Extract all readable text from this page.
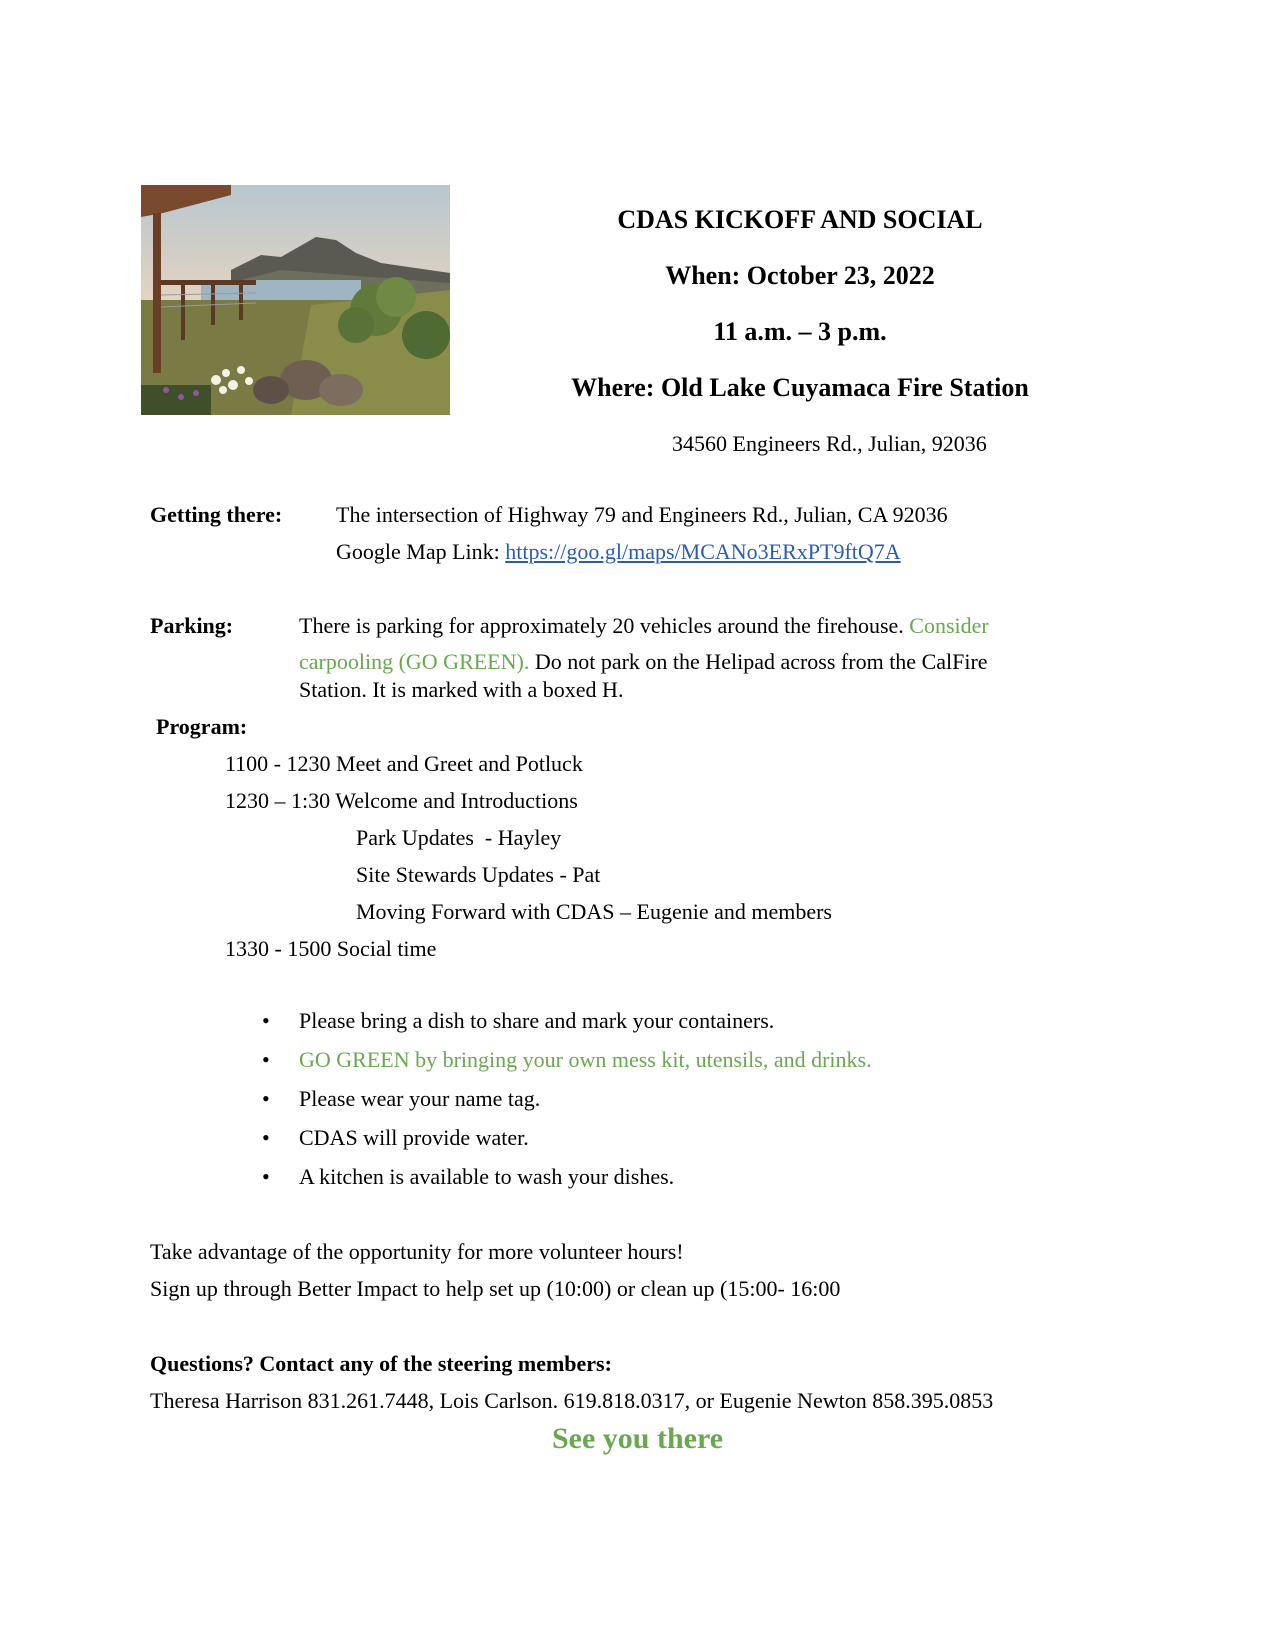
CDAS KICKOFF AND SOCIAL
When: October 23, 2022
11 a.m. – 3 p.m.
Where: Old Lake Cuyamaca Fire Station
34560 Engineers Rd., Julian, 92036
Getting there: The intersection of Highway 79 and Engineers Rd., Julian, CA 92036
Google Map Link: https://goo.gl/maps/MCANo3ERxPT9ftQ7A
Parking:	There is parking for approximately 20 vehicles around the firehouse. Consider
carpooling (GO GREEN). Do not park on the Helipad across from the CalFire
Station. It is marked with a boxed H.
Program:
1100 - 1230 Meet and Greet and Potluck
1230 – 1:30 Welcome and Introductions
Park Updates  - Hayley
Site Stewards Updates - Pat
Moving Forward with CDAS – Eugenie and members
1330 - 1500 Social time
• Please bring a dish to share and mark your containers.
• GO GREEN by bringing your own mess kit, utensils, and drinks.
• Please wear your name tag.
• CDAS will provide water.
• A kitchen is available to wash your dishes.
Take advantage of the opportunity for more volunteer hours!
Sign up through Better Impact to help set up (10:00) or clean up (15:00- 16:00
Questions? Contact any of the steering members:
Theresa Harrison 831.261.7448, Lois Carlson. 619.818.0317, or Eugenie Newton 858.395.0853
See you there
